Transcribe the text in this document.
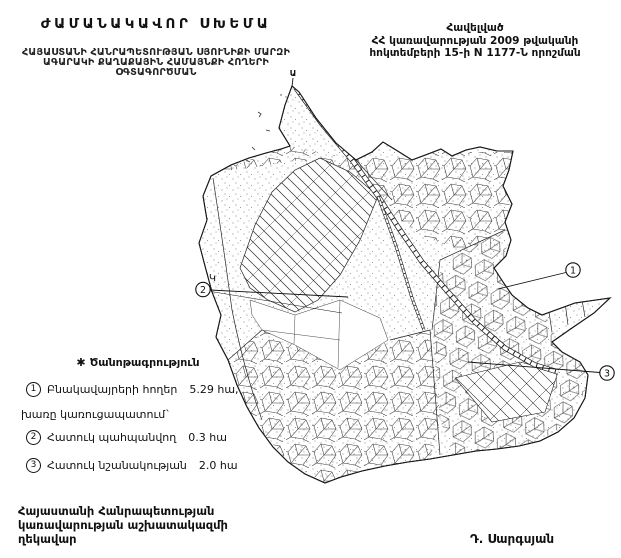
Ա
Կ
1
2
3
ԺԱՄԱՆԱԿԱՎՈՐ ՍԽԵՄԱ
ՀԱՅԱՍՏԱՆԻ ՀԱՆՐԱՊԵՏՈՒԹՅԱՆ ՍՅՈՒՆԻՔԻ ՄԱՐԶԻ
ԱԳԱՐԱԿԻ ՔԱՂԱՔԱՅԻՆ ՀԱՄԱՅՆՔԻ ՀՈՂԵՐԻ
ՕԳՏԱԳՈՐԾՄԱՆ
Հավելված
ՀՀ կառավարության 2009 թվականի
հոկտեմբերի 15-ի N 1177-Ն որոշման
✱ Ծանոթագրություն
1 Բնակավայրերի հողեր 5.29 հա,
խառը կառուցապատում`
2 Հատուկ պահպանվող 0.3 հա
3 Հատուկ նշանակության 2.0 հա
Հայաստանի Հանրապետության
կառավարության աշխատակազմի
ղեկավար	Դ. Սարգսյան
